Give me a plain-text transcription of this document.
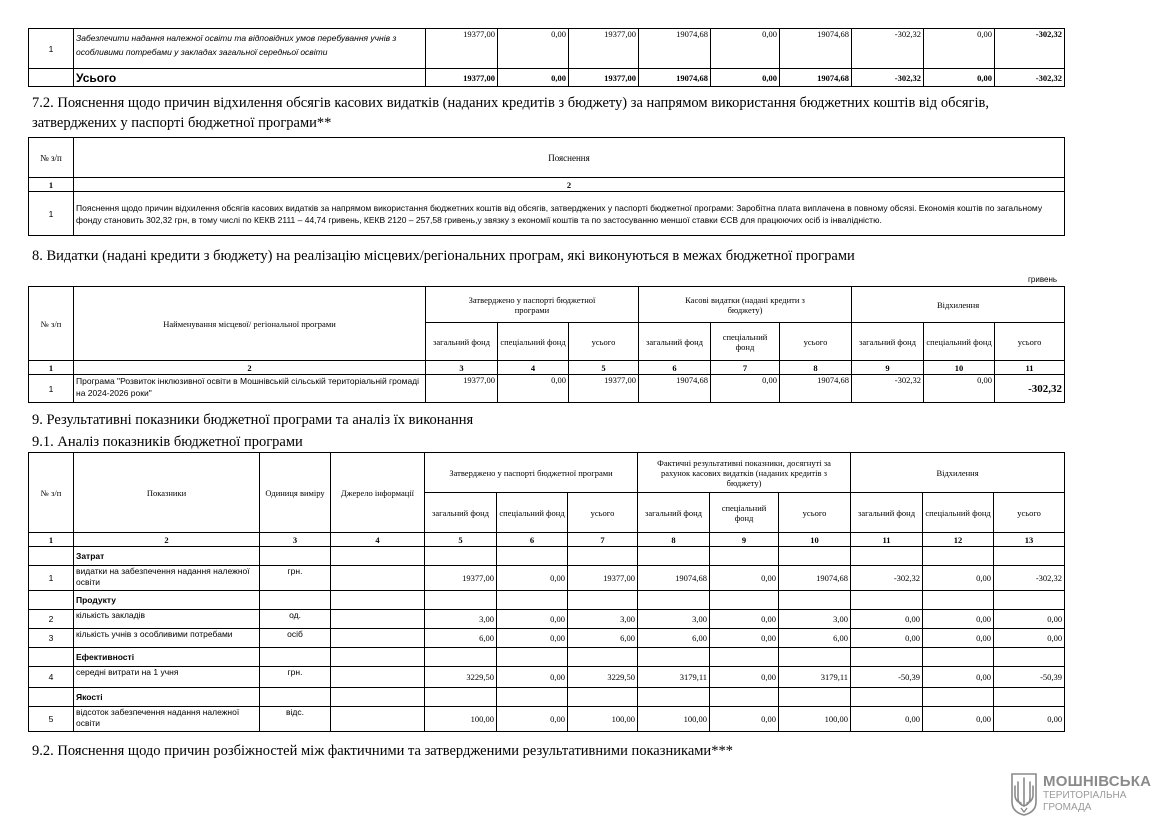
1	Забезпечити надання належної освіти та відповідних умов перебування учнів з особливими потребами у закладах загальної середньої освіти	19377,00	0,00	19377,00	19074,68	0,00	19074,68	-302,32	0,00	-302,32
	Усього	19377,00	0,00	19377,00	19074,68	0,00	19074,68	-302,32	0,00	-302,32
7.2. Пояснення щодо причин відхилення обсягів касових видатків (наданих кредитів з бюджету) за напрямом використання бюджетних коштів від обсягів, затверджених у паспорті бюджетної програми**
№ з/п	Пояснення
1	2
1	Пояснення щодо причин відхилення обсягів касових видатків за напрямом використання бюджетних коштів від обсягів, затверджених у паспорті бюджетної програми: Заробітна плата виплачена в повному обсязі. Економія коштів по загальному фонду становить 302,32 грн, в тому числі по КЕКВ 2111 – 44,74 гривень, КЕКВ 2120 – 257,58 гривень,у звязку з економії коштів та по застосуванню меншої ставки ЄСВ для працюючих осіб із інвалідністю.
8. Видатки (надані кредити з бюджету) на реалізацію місцевих/регіональних програм, які виконуються в межах бюджетної програми
гривень
№ з/п	Найменування місцевої/ регіональної програми	Затверджено у паспорті бюджетної програми			Касові видатки (надані кредити з бюджету)			Відхилення		
		загальний фонд	спеціальний фонд	усього	загальний фонд	спеціальний фонд	усього	загальний фонд	спеціальний фонд	усього
1	2	3	4	5	6	7	8	9	10	11
1	Програма "Розвиток інклюзивної освіти в Мошнівській сільській територіальній громаді на 2024-2026 роки"	19377,00	0,00	19377,00	19074,68	0,00	19074,68	-302,32	0,00	-302,32
9. Результативні показники бюджетної програми та аналіз їх виконання
9.1. Аналіз показників бюджетної програми
№ з/п	Показники	Одиниця виміру	Джерело інформації	Затверджено у паспорті бюджетної програми			Фактичні результативні показники, досягнуті за рахунок касових видатків (наданих кредитів з бюджету)			Відхилення		
				загальний фонд	спеціальний фонд	усього	загальний фонд	спеціальний фонд	усього	загальний фонд	спеціальний фонд	усього
1	2	3	4	5	6	7	8	9	10	11	12	13
	Затрат											
1	видатки на забезпечення надання належної освіти	грн.		19377,00	0,00	19377,00	19074,68	0,00	19074,68	-302,32	0,00	-302,32
	Продукту											
2	кількість закладів	од.		3,00	0,00	3,00	3,00	0,00	3,00	0,00	0,00	0,00
3	кількість учнів з особливими потребами	осіб		6,00	0,00	6,00	6,00	0,00	6,00	0,00	0,00	0,00
	Ефективності											
4	середні витрати на 1 учня	грн.		3229,50	0,00	3229,50	3179,11	0,00	3179,11	-50,39	0,00	-50,39
	Якості											
5	відсоток забезпечення надання належної освіти	відс.		100,00	0,00	100,00	100,00	0,00	100,00	0,00	0,00	0,00
9.2. Пояснення щодо причин розбіжностей між фактичними та затвердженими результативними показниками***
МОШНІВСЬКА
ТЕРИТОРІАЛЬНА
ГРОМАДА
